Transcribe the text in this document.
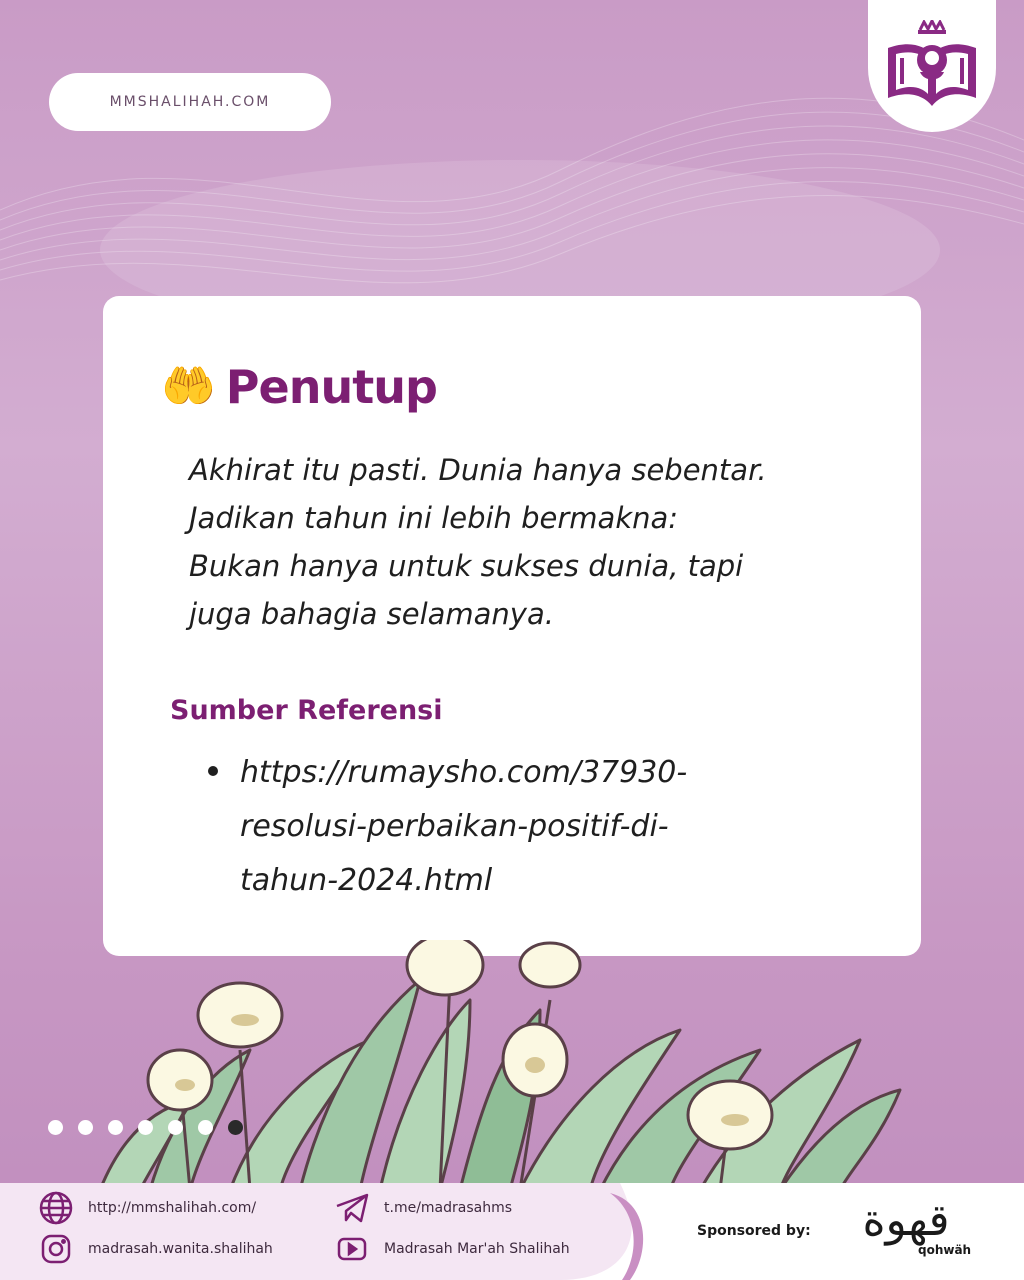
MMSHALIHAH.COM
🤲 Penutup
Akhirat itu pasti. Dunia hanya sebentar.
Jadikan tahun ini lebih bermakna:
Bukan hanya untuk sukses dunia, tapi
juga bahagia selamanya.
Sumber Referensi
https://rumaysho.com/37930-
resolusi-perbaikan-positif-di-
tahun-2024.html
http://mmshalihah.com/
madrasah.wanita.shalihah
t.me/madrasahms
Madrasah Mar'ah Shalihah
Sponsored by: قهوة
qohwäh
